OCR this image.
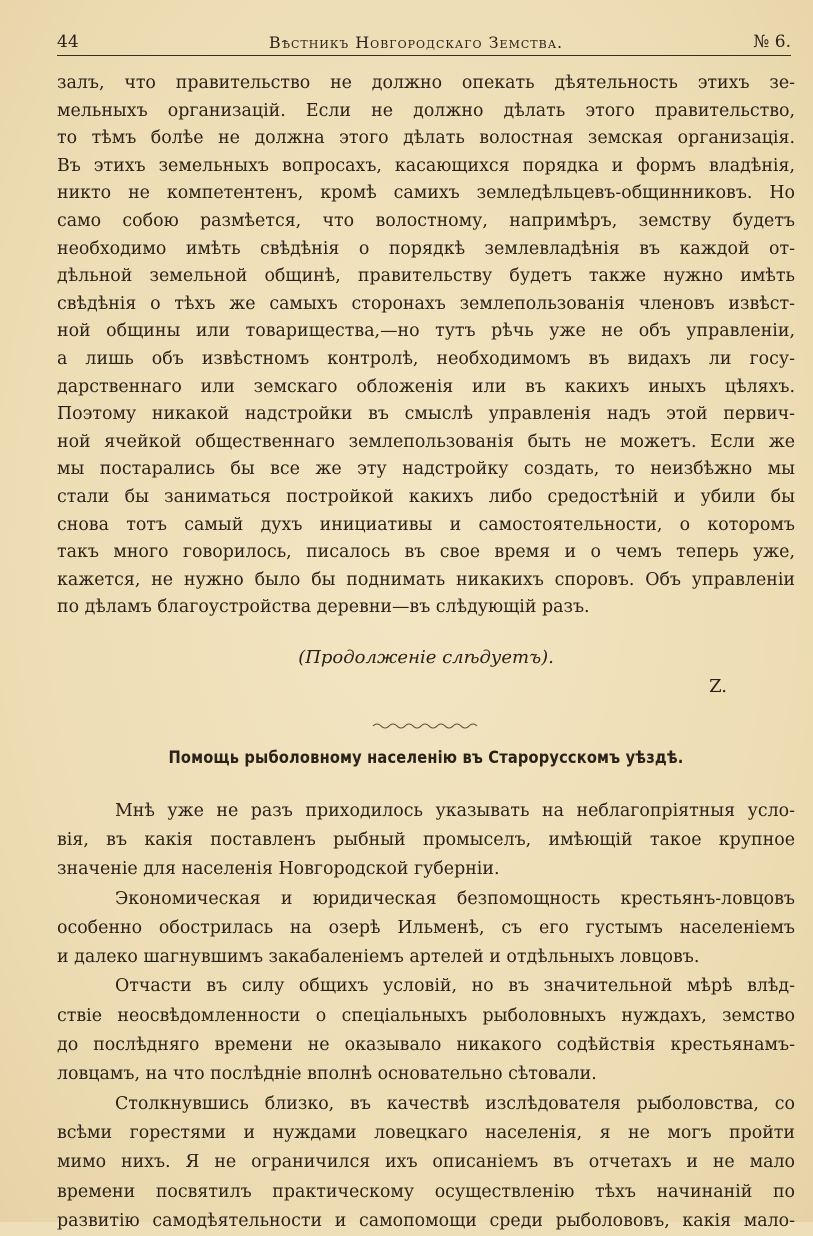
44	Вѣстникъ Новгородскаго Земства.	№ 6.
залъ, что правительство не должно опекать дѣятельность этихъ зе-
мельныхъ организацій. Если не должно дѣлать этого правительство,
то тѣмъ болѣе не должна этого дѣлать волостная земская организація.
Въ этихъ земельныхъ вопросахъ, касающихся порядка и формъ владѣнія,
никто не компетентенъ, кромѣ самихъ земледѣльцевъ-общинниковъ. Но
само собою размѣется, что волостному, напримѣръ, земству будетъ
необходимо имѣть свѣдѣнія о порядкѣ землевладѣнія въ каждой от-
дѣльной земельной общинѣ, правительству будетъ также нужно имѣть
свѣдѣнія о тѣхъ же самыхъ сторонахъ землепользованія членовъ извѣст-
ной общины или товарищества,—но тутъ рѣчь уже не объ управленіи,
а лишь объ извѣстномъ контролѣ, необходимомъ въ видахъ ли госу-
дарственнаго или земскаго обложенія или въ какихъ иныхъ цѣляхъ.
Поэтому никакой надстройки въ смыслѣ управленія надъ этой первич-
ной ячейкой общественнаго землепользованія быть не можетъ. Если же
мы постарались бы все же эту надстройку создать, то неизбѣжно мы
стали бы заниматься постройкой какихъ либо средостѣній и убили бы
снова тотъ самый духъ инициативы и самостоятельности, о которомъ
такъ много говорилось, писалось въ свое время и о чемъ теперь уже,
кажется, не нужно было бы поднимать никакихъ споровъ. Объ управленіи
по дѣламъ благоустройства деревни—въ слѣдующій разъ.
(Продолженіе слѣдуетъ).
Z.
Помощь рыболовному населенію въ Старорусскомъ уѣздѣ.
Мнѣ уже не разъ приходилось указывать на неблагопріятныя усло-
вія, въ какія поставленъ рыбный промыселъ, имѣющій такое крупное
значеніе для населенія Новгородской губерніи.
Экономическая и юридическая безпомощность крестьянъ-ловцовъ
особенно обострилась на озерѣ Ильменѣ, съ его густымъ населеніемъ
и далеко шагнувшимъ закабаленіемъ артелей и отдѣльныхъ ловцовъ.
Отчасти въ силу общихъ условій, но въ значительной мѣрѣ влѣд-
ствіе неосвѣдомленности о спеціальныхъ рыболовныхъ нуждахъ, земство
до послѣдняго времени не оказывало никакого содѣйствія крестьянамъ-
ловцамъ, на что послѣдніе вполнѣ основательно сѣтовали.
Столкнувшись близко, въ качествѣ изслѣдователя рыболовства, со
всѣми горестями и нуждами ловецкаго населенія, я не могъ пройти
мимо нихъ. Я не ограничился ихъ описаніемъ въ отчетахъ и не мало
времени посвятилъ практическому осуществленію тѣхъ начинаній по
развитію самодѣятельности и самопомощи среди рыболововъ, какія мало-
